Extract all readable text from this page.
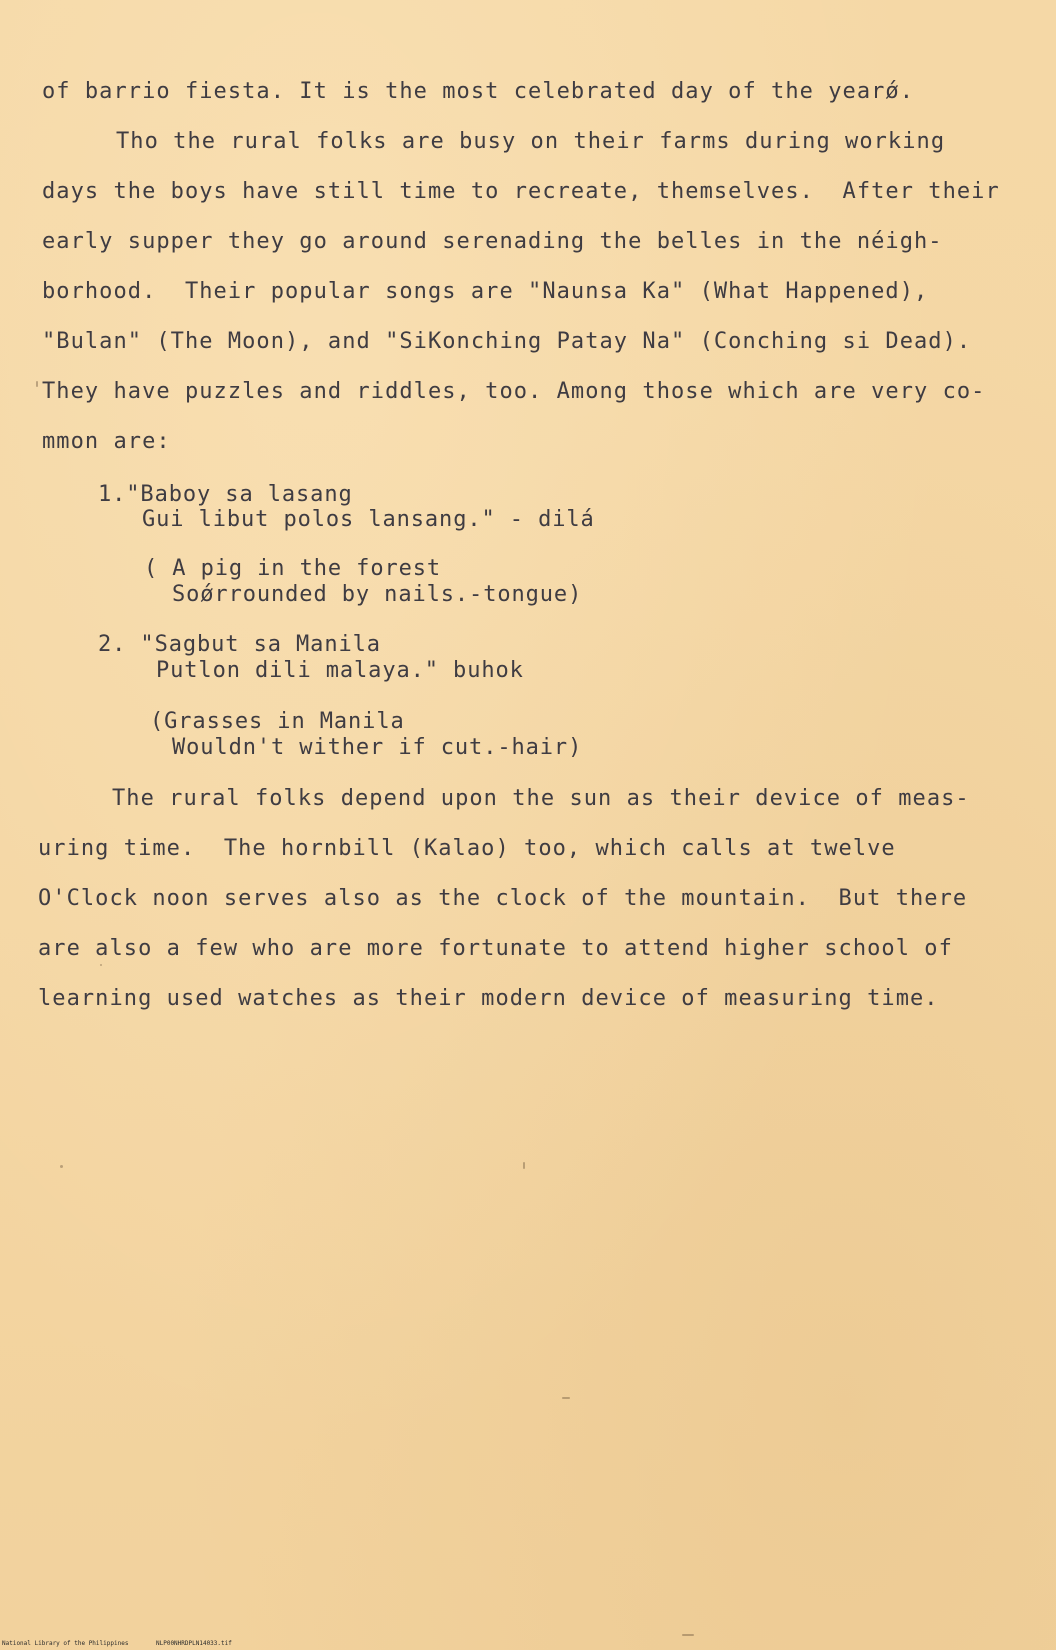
of barrio fiesta. It is the most celebrated day of the yearǿ.
Tho the rural folks are busy on their farms during working
days the boys have still time to recreate, themselves.  After their
early supper they go around serenading the belles in the néigh-
borhood.  Their popular songs are "Naunsa Ka" (What Happened),
"Bulan" (The Moon), and "SiKonching Patay Na" (Conching si Dead).
They have puzzles and riddles, too. Among those which are very co-
mmon are:
1."Baboy sa lasang
Gui libut polos lansang." - dilá
( A pig in the forest
Soǿrrounded by nails.-tongue)
2. "Sagbut sa Manila
Putlon dili malaya." buhok
(Grasses in Manila
Wouldn't wither if cut.-hair)
The rural folks depend upon the sun as their device of meas-
uring time.  The hornbill (Kalao) too, which calls at twelve
O'Clock noon serves also as the clock of the mountain.  But there
are also a few who are more fortunate to attend higher school of
learning used watches as their modern device of measuring time.
National Library of the Philippines	NLP00NHRDPLN14033.tif
